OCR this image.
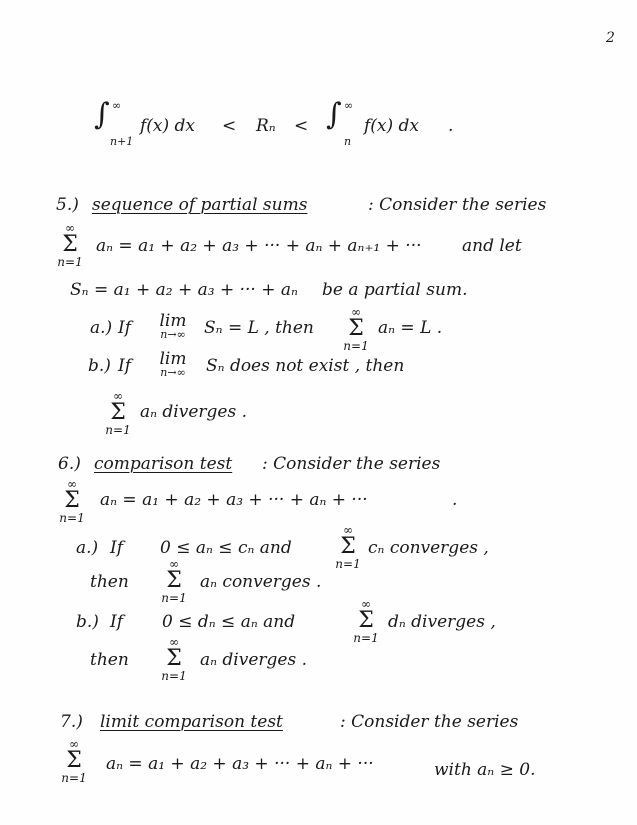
2
∫ ∞
n+1
f(x) dx < Rₙ < ∫ ∞
n
f(x) dx .
5.) sequence of partial sums	: Consider the series
∞
Σ
n=1
aₙ = a₁ + a₂ + a₃ + ··· + aₙ + aₙ₊₁ + ··· and let
Sₙ = a₁ + a₂ + a₃ + ··· + aₙ be a partial sum.
a.) If	lim
n→∞	Sₙ = L , then
∞
Σ
n=1
aₙ = L .
b.) If	lim
n→∞	Sₙ does not exist , then
∞
Σ
n=1
aₙ diverges .
6.) comparison test : Consider the series
∞
Σ
n=1
aₙ = a₁ + a₂ + a₃ + ··· + aₙ + ···	.
a.) If 0 ≤ aₙ ≤ cₙ and
∞
Σ
n=1
cₙ converges ,
then
∞
Σ
n=1
aₙ converges .
b.) If 0 ≤ dₙ ≤ aₙ and
∞
Σ
n=1
dₙ diverges ,
then
∞
Σ
n=1
aₙ diverges .
7.) limit comparison test	: Consider the series
∞
Σ
n=1
aₙ = a₁ + a₂ + a₃ + ··· + aₙ + ···	with aₙ ≥ 0.
